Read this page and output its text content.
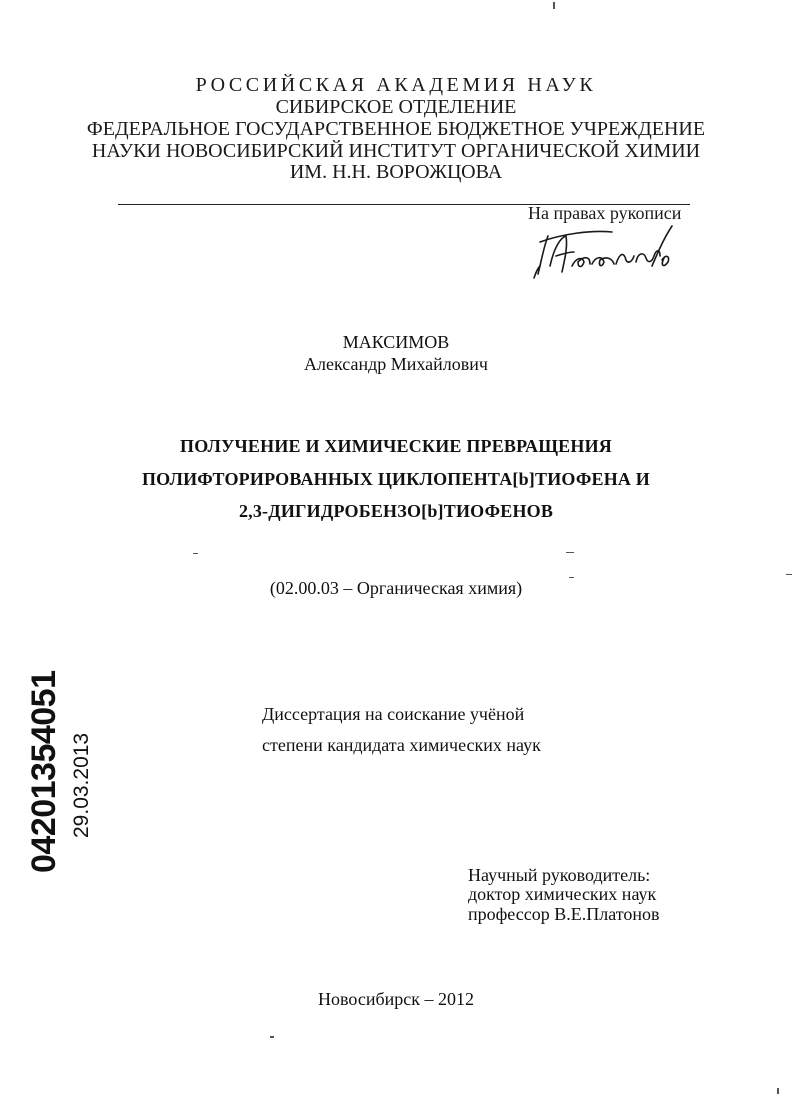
РОССИЙСКАЯ АКАДЕМИЯ НАУК
СИБИРСКОЕ ОТДЕЛЕНИЕ
ФЕДЕРАЛЬНОЕ ГОСУДАРСТВЕННОЕ БЮДЖЕТНОЕ УЧРЕЖДЕНИЕ
НАУКИ НОВОСИБИРСКИЙ ИНСТИТУТ ОРГАНИЧЕСКОЙ ХИМИИ
ИМ. Н.Н. ВОРОЖЦОВА
На правах рукописи
МАКСИМОВ
Александр Михайлович
ПОЛУЧЕНИЕ И ХИМИЧЕСКИЕ ПРЕВРАЩЕНИЯ
ПОЛИФТОРИРОВАННЫХ ЦИКЛОПЕНТА[b]ТИОФЕНА И
2,3-ДИГИДРОБЕНЗО[b]ТИОФЕНОВ
(02.00.03 – Органическая химия)
Диссертация на соискание учёной
степени кандидата химических наук
Научный руководитель:
доктор химических наук
профессор В.Е.Платонов
Новосибирск – 2012
04201354051 29.03.2013
